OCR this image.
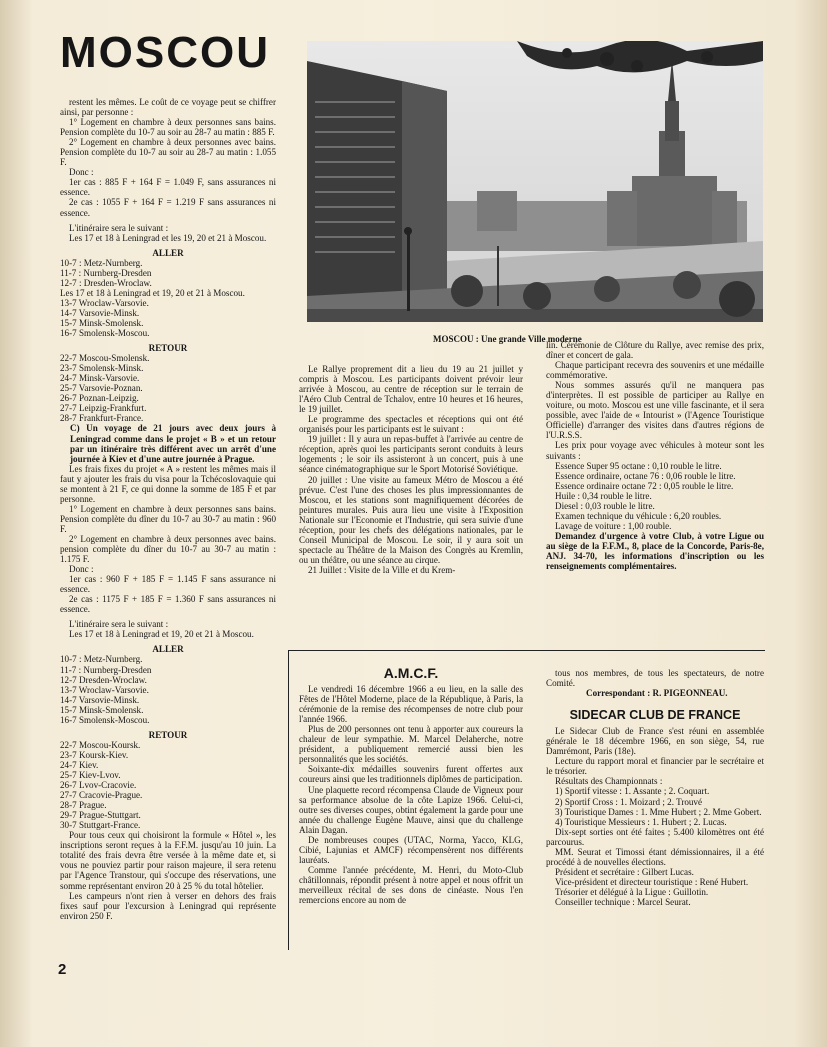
MOSCOU
MOSCOU : Une grande Ville moderne

restent les mêmes. Le coût de ce voyage peut se chiffrer ainsi, par personne :

1° Logement en chambre à deux personnes sans bains. Pension complète du 10-7 au soir au 28-7 au matin : 885 F.

2° Logement en chambre à deux personnes avec bains. Pension complète du 10-7 au soir au 28-7 au matin : 1.055 F.

Donc :

1er cas : 885 F + 164 F = 1.049 F, sans assurances ni essence.

2e cas : 1055 F + 164 F = 1.219 F sans assurances ni essence.

L'itinéraire sera le suivant :

Les 17 et 18 à Leningrad et les 19, 20 et 21 à Moscou.

ALLER

10-7 : Metz-Nurnberg.

11-7 : Nurnberg-Dresden

12-7 : Dresden-Wroclaw.

Les 17 et 18 à Leningrad et 19, 20 et 21 à Moscou.

13-7 Wroclaw-Varsovie.

14-7 Varsovie-Minsk.

15-7 Minsk-Smolensk.

16-7 Smolensk-Moscou.

RETOUR

22-7 Moscou-Smolensk.

23-7 Smolensk-Minsk.

24-7 Minsk-Varsovie.

25-7 Varsovie-Poznan.

26-7 Poznan-Leipzig.

27-7 Leipzig-Frankfurt.

28-7 Frankfurt-France.

C) Un voyage de 21 jours avec deux jours à Leningrad comme dans le projet « B » et un retour par un itinéraire très différent avec un arrêt d'une journée à Kiev et d'une autre journée à Prague.

Les frais fixes du projet « A » restent les mêmes mais il faut y ajouter les frais du visa pour la Tchécoslovaquie qui se montent à 21 F, ce qui donne la somme de 185 F et par personne.

1° Logement en chambre à deux personnes sans bains. Pension complète du dîner du 10-7 au 30-7 au matin : 960 F.

2° Logement en chambre à deux personnes avec bains. pension complète du dîner du 10-7 au 30-7 au matin : 1.175 F.

Donc :

1er cas : 960 F + 185 F = 1.145 F sans assurance ni essence.

2e cas : 1175 F + 185 F = 1.360 F sans assurances ni essence.

L'itinéraire sera le suivant :

Les 17 et 18 à Leningrad et 19, 20 et 21 à Moscou.

ALLER

10-7 : Metz-Nurnberg.

11-7 : Nurnberg-Dresden

12-7 Dresden-Wroclaw.

13-7 Wroclaw-Varsovie.

14-7 Varsovie-Minsk.

15-7 Minsk-Smolensk.

16-7 Smolensk-Moscou.

RETOUR

22-7 Moscou-Koursk.

23-7 Koursk-Kiev.

24-7 Kiev.

25-7 Kiev-Lvov.

26-7 Lvov-Cracovie.

27-7 Cracovie-Prague.

28-7 Prague.

29-7 Prague-Stuttgart.

30-7 Stuttgart-France.

Pour tous ceux qui choisiront la formule « Hôtel », les inscriptions seront reçues à la F.F.M. jusqu'au 10 juin. La totalité des frais devra être versée à la même date et, si vous ne pouviez partir pour raison majeure, il sera retenu par l'Agence Transtour, qui s'occupe des réservations, une somme représentant environ 20 à 25 % du total hôtelier.

Les campeurs n'ont rien à verser en dehors des frais fixes sauf pour l'excursion à Leningrad qui représente environ 250 F.

Le Rallye proprement dit a lieu du 19 au 21 juillet y compris à Moscou. Les participants doivent prévoir leur arrivée à Moscou, au centre de réception sur le terrain de l'Aéro Club Central de Tchalov, entre 10 heures et 16 heures, le 19 juillet.

Le programme des spectacles et réceptions qui ont été organisés pour les participants est le suivant :

19 juillet : Il y aura un repas-buffet à l'arrivée au centre de réception, après quoi les participants seront conduits à leurs logements ; le soir ils assisteront à un concert, puis à une séance cinématographique sur le Sport Motorisé Soviétique.

20 juillet : Une visite au fameux Métro de Moscou a été prévue. C'est l'une des choses les plus impressionnantes de Moscou, et les stations sont magnifiquement décorées de peintures murales. Puis aura lieu une visite à l'Exposition Nationale sur l'Economie et l'Industrie, qui sera suivie d'une réception, pour les chefs des délégations nationales, par le Conseil Municipal de Moscou. Le soir, il y aura soit un spectacle au Théâtre de la Maison des Congrès au Kremlin, ou un théâtre, ou une séance au cirque.

21 Juillet : Visite de la Ville et du Krem-

lin. Cérémonie de Clôture du Rallye, avec remise des prix, dîner et concert de gala.

Chaque participant recevra des souvenirs et une médaille commémorative.

Nous sommes assurés qu'il ne manquera pas d'interprètes. Il est possible de participer au Rallye en voiture, ou moto. Moscou est une ville fascinante, et il sera possible, avec l'aide de « Intourist » (l'Agence Touristique Officielle) d'arranger des visites dans d'autres régions de l'U.R.S.S.

Les prix pour voyage avec véhicules à moteur sont les suivants :

Essence Super 95 octane : 0,10 rouble le litre.

Essence ordinaire, octane 76 : 0,06 rouble le litre.

Essence ordinaire octane 72 : 0,05 rouble le litre.

Huile : 0,34 rouble le litre.

Diesel : 0,03 rouble le litre.

Examen technique du véhicule : 6,20 roubles.

Lavage de voiture : 1,00 rouble.

Demandez d'urgence à votre Club, à votre Ligue ou au siège de la F.F.M., 8, place de la Concorde, Paris-8e, ANJ. 34-70, les informations d'inscription ou les renseignements complémentaires.

A.M.C.F.

Le vendredi 16 décembre 1966 a eu lieu, en la salle des Fêtes de l'Hôtel Moderne, place de la République, à Paris, la cérémonie de la remise des récompenses de notre club pour l'année 1966.

Plus de 200 personnes ont tenu à apporter aux coureurs la chaleur de leur sympathie. M. Marcel Delaherche, notre président, a publiquement remercié aussi bien les personnalités que les sociétés.

Soixante-dix médailles souvenirs furent offertes aux coureurs ainsi que les traditionnels diplômes de participation.

Une plaquette record récompensa Claude de Vigneux pour sa performance absolue de la côte Lapize 1966. Celui-ci, outre ses diverses coupes, obtint également la garde pour une année du challenge Eugène Mauve, ainsi que du challenge Alain Dagan.

De nombreuses coupes (UTAC, Norma, Yacco, KLG, Cibié, Lajunias et AMCF) récompensèrent nos différents lauréats.

Comme l'année précédente, M. Henri, du Moto-Club châtillonnais, répondit présent à notre appel et nous offrit un merveilleux récital de ses dons de cinéaste. Nous l'en remercions encore au nom de

tous nos membres, de tous les spectateurs, de notre Comité.

Correspondant : R. PIGEONNEAU.

SIDECAR CLUB DE FRANCE

Le Sidecar Club de France s'est réuni en assemblée générale le 18 décembre 1966, en son siège, 54, rue Damrémont, Paris (18e).

Lecture du rapport moral et financier par le secrétaire et le trésorier.

Résultats des Championnats :

1) Sportif vitesse : 1. Assante ; 2. Coquart.

2) Sportif Cross : 1. Moizard ; 2. Trouvé

3) Touristique Dames : 1. Mme Hubert ; 2. Mme Gobert.

4) Touristique Messieurs : 1. Hubert ; 2. Lucas.

Dix-sept sorties ont été faites ; 5.400 kilomètres ont été parcourus.

MM. Seurat et Timossi étant démissionnaires, il a été procédé à de nouvelles élections.

Président et secrétaire : Gilbert Lucas.

Vice-président et directeur touristique : René Hubert.

Trésorier et délégué à la Ligue : Guillotin.

Conseiller technique : Marcel Seurat.

2
